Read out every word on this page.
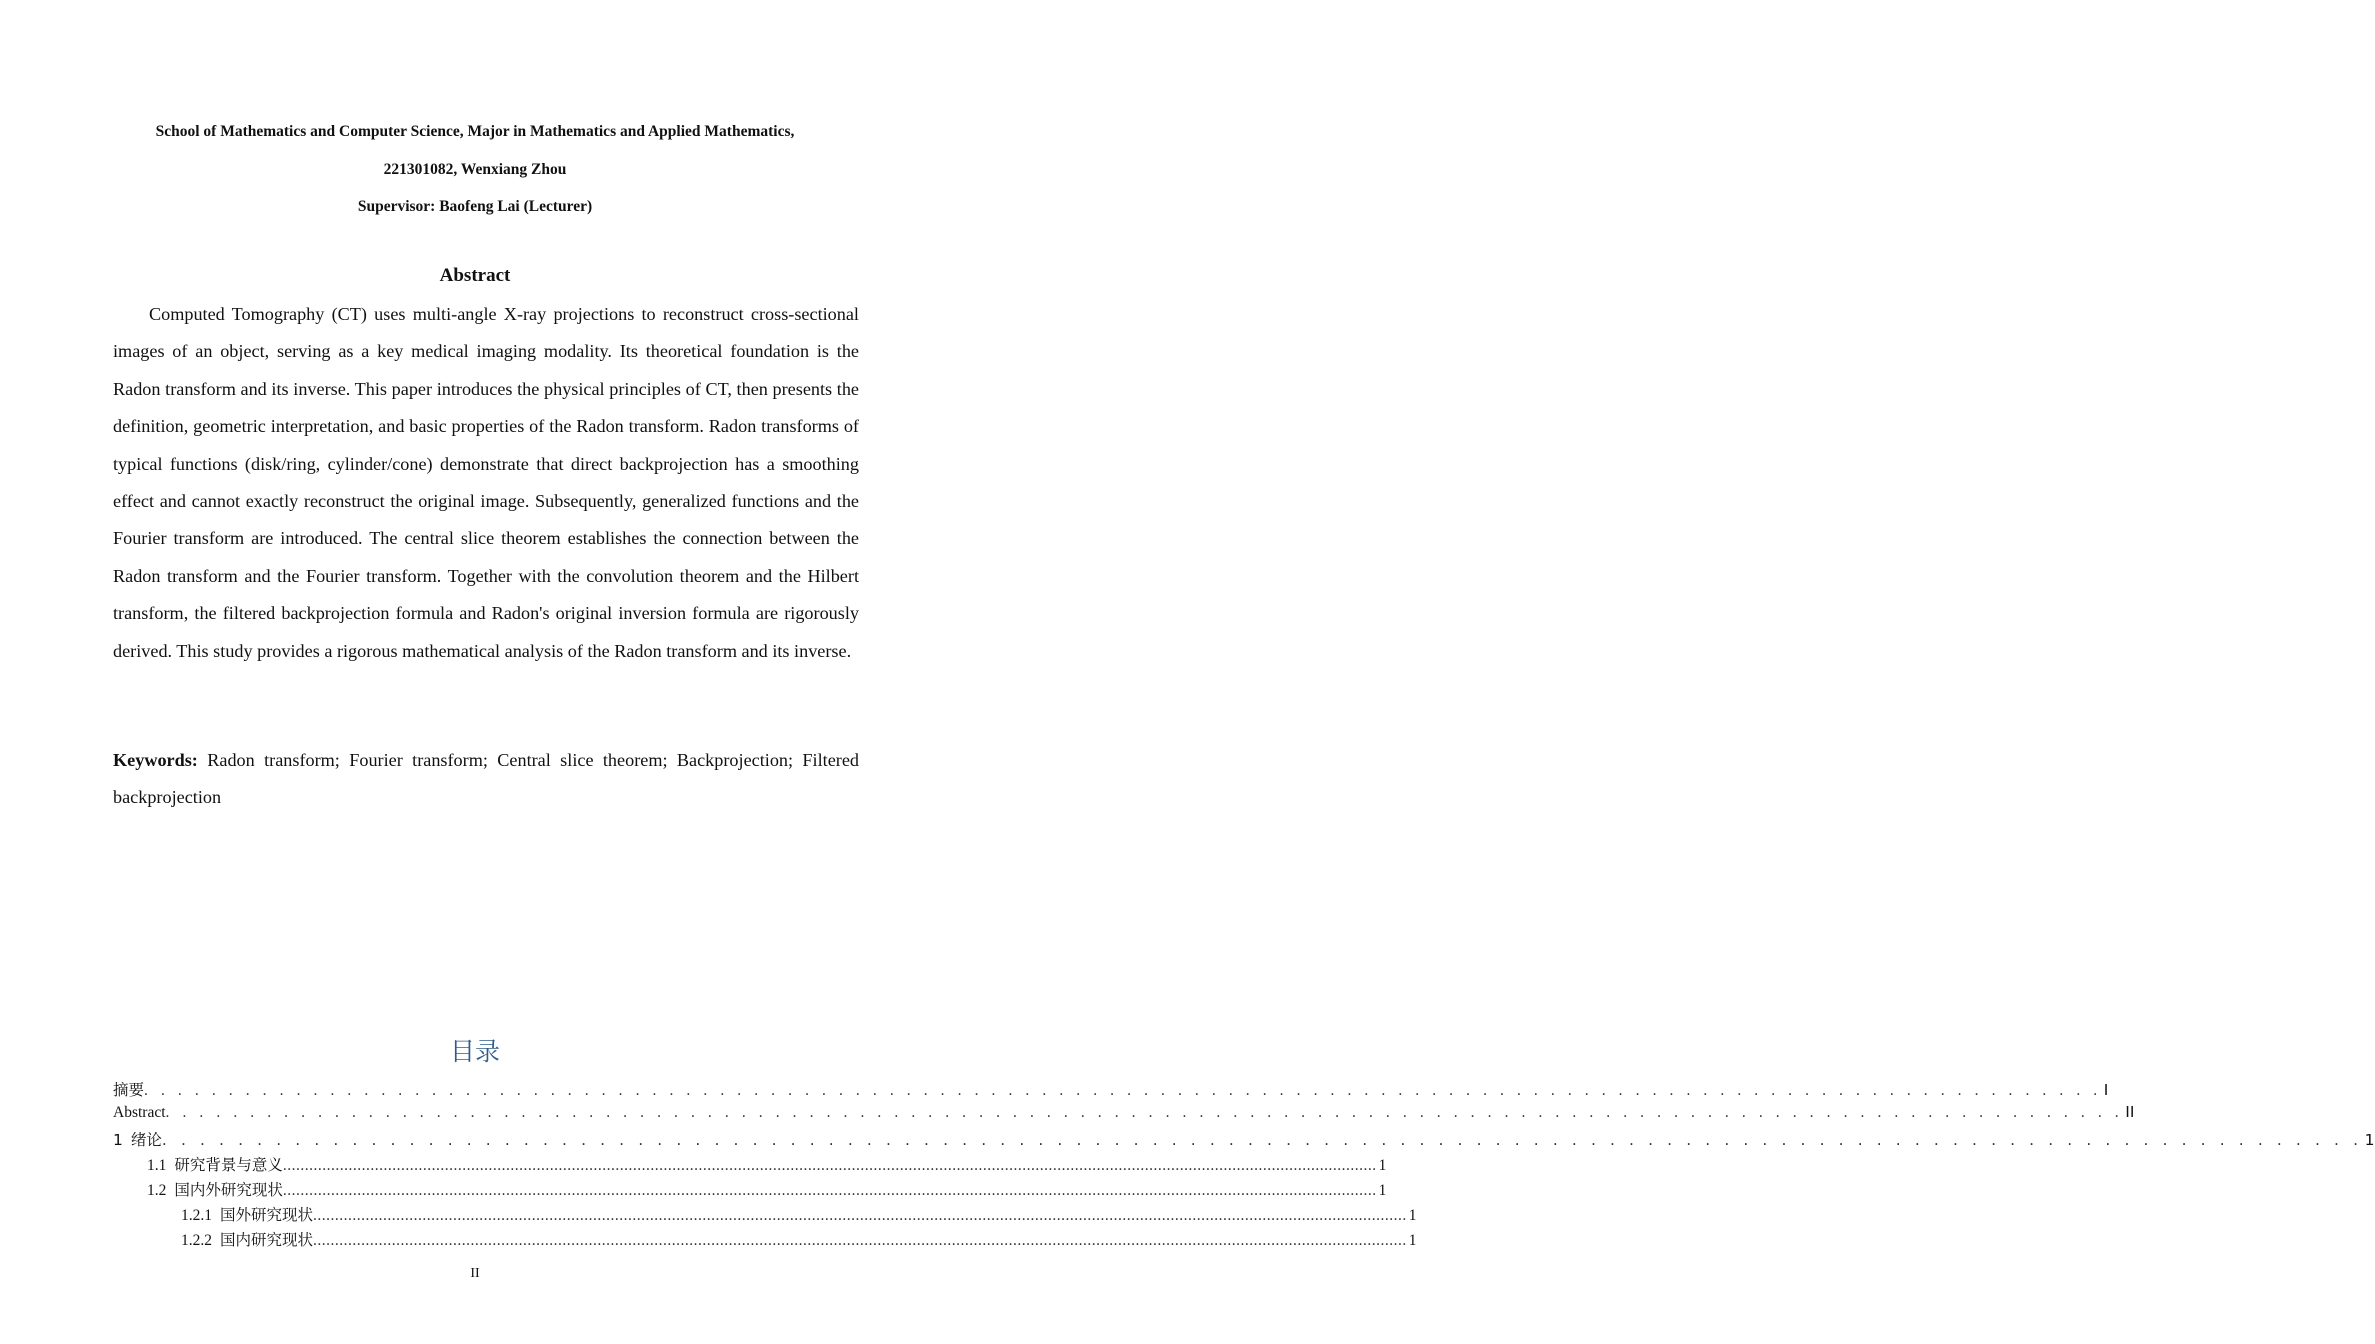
School of Mathematics and Computer Science, Major in Mathematics and Applied Mathematics,
221301082, Wenxiang Zhou
Supervisor: Baofeng Lai (Lecturer)
Abstract

Computed Tomography (CT) uses multi-angle X-ray projections to reconstruct cross-sectional images of an object, serving as a key medical imaging modality. Its theoretical foundation is the Radon transform and its inverse. This paper introduces the physical principles of CT, then presents the definition, geometric interpretation, and basic properties of the Radon transform. Radon transforms of typical functions (disk/ring, cylinder/cone) demonstrate that direct backprojection has a smoothing effect and cannot exactly reconstruct the original image. Subsequently, generalized functions and the Fourier transform are introduced. The central slice theorem establishes the connection between the Radon transform and the Fourier transform. Together with the convolution theorem and the Hilbert transform, the filtered backprojection formula and Radon's original inversion formula are rigorously derived. This study provides a rigorous mathematical analysis of the Radon transform and its inverse.

Keywords: Radon transform; Fourier transform; Central slice theorem; Backprojection; Filtered backprojection

目录
摘要 . . . . . . . . . . . . . . . . . . . . . . . . . . . . . . . . . . . . . . . . . . . . . . . . . . . . . . . . . . . . . . . . . . . . . . . . . . . . . . . . . . . . . . . . . . . . . . . . . . . . . . . . . . . . . . . . . . . . I
Abstract . . . . . . . . . . . . . . . . . . . . . . . . . . . . . . . . . . . . . . . . . . . . . . . . . . . . . . . . . . . . . . . . . . . . . . . . . . . . . . . . . . . . . . . . . . . . . . . . . . . . . . . . . . . . . . . . . . . . II
1 绪论 . . . . . . . . . . . . . . . . . . . . . . . . . . . . . . . . . . . . . . . . . . . . . . . . . . . . . . . . . . . . . . . . . . . . . . . . . . . . . . . . . . . . . . . . . . . . . . . . . . . . . . . . . . . . . . . . . . . . 1
1.1 研究背景与意义 .......................................................................................................................................................................................................................................................... 1
1.2 国内外研究现状 .......................................................................................................................................................................................................................................................... 1
1.2.1 国外研究现状 .......................................................................................................................................................................................................................................................... 1
1.2.2 国内研究现状 .......................................................................................................................................................................................................................................................... 1
II
